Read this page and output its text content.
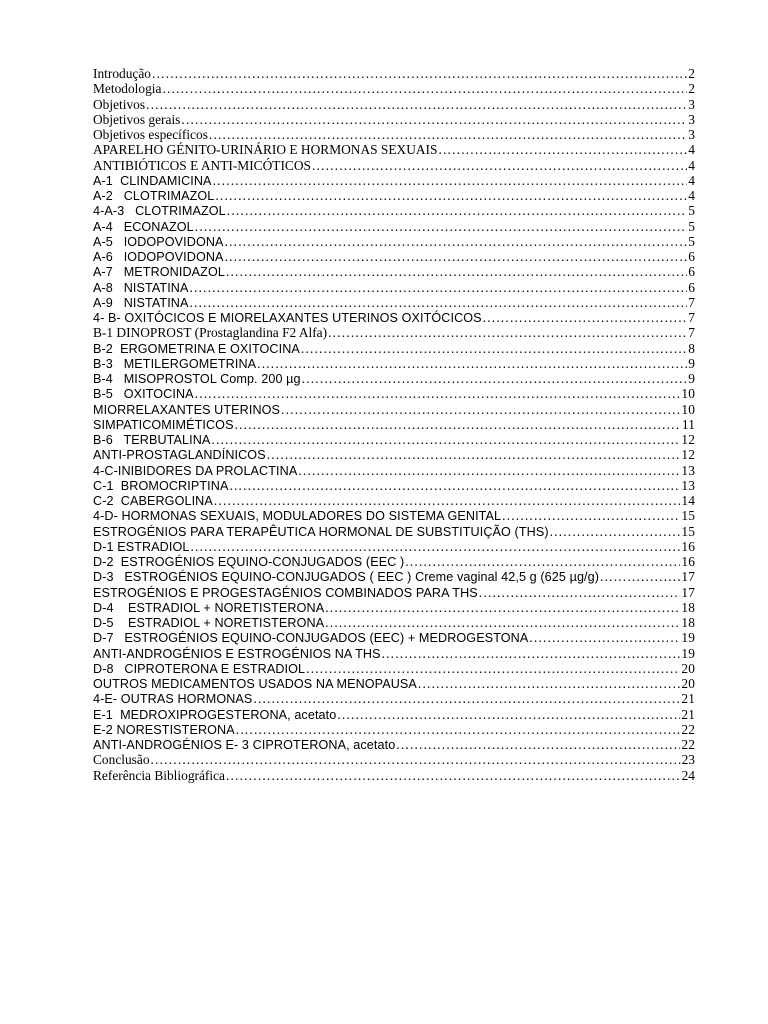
Introdução .....	2
Metodologia .....	2
Objetivos .....	3
Objetivos gerais .....	3
Objetivos específicos .....	3
APARELHO GÉNITO-URINÁRIO E HORMONAS SEXUAIS .....	4
ANTIBIÓTICOS E ANTI-MICÓTICOS .....	4
A-1  CLINDAMICINA .....	4
A-2   CLOTRIMAZOL .....	4
4-A-3   CLOTRIMAZOL .....	5
A-4   ECONAZOL .....	5
A-5   IODOPOVIDONA .....	5
A-6   IODOPOVIDONA .....	6
A-7   METRONIDAZOL .....	6
A-8   NISTATINA .....	6
A-9   NISTATINA .....	7
4- B- OXITÓCICOS E MIORELAXANTES UTERINOS OXITÓCICOS .....	7
B-1 DINOPROST (Prostaglandina F2 Alfa) .....	7
B-2  ERGOMETRINA E OXITOCINA .....	8
B-3   METILERGOMETRINA .....	9
B-4   MISOPROSTOL Comp. 200 µg .....	9
B-5   OXITOCINA .....	10
MIORRELAXANTES UTERINOS .....	10
SIMPATICOMIMÉTICOS .....	11
B-6   TERBUTALINA .....	12
ANTI-PROSTAGLANDÍNICOS .....	12
4-C-INIBIDORES DA PROLACTINA .....	13
C-1  BROMOCRIPTINA .....	13
C-2  CABERGOLINA .....	14
4-D- HORMONAS SEXUAIS, MODULADORES DO SISTEMA GENITAL .....	15
ESTROGÉNIOS PARA TERAPÊUTICA HORMONAL DE SUBSTITUIÇÃO (THS) .....	15
D-1 ESTRADIOL .....	16
D-2  ESTROGÉNIOS EQUINO-CONJUGADOS (EEC ) .....	16
D-3   ESTROGÉNIOS EQUINO-CONJUGADOS ( EEC ) Creme vaginal 42,5 g (625 µg/g) .....	17
ESTROGÉNIOS E PROGESTAGÉNIOS COMBINADOS PARA THS .....	17
D-4    ESTRADIOL + NORETISTERONA .....	18
D-5    ESTRADIOL + NORETISTERONA .....	18
D-7   ESTROGÉNIOS EQUINO-CONJUGADOS (EEC) + MEDROGESTONA .....	19
ANTI-ANDROGÉNIOS E ESTROGÉNIOS NA THS .....	19
D-8   CIPROTERONA E ESTRADIOL .....	20
OUTROS MEDICAMENTOS USADOS NA MENOPAUSA .....	20
4-E- OUTRAS HORMONAS .....	21
E-1  MEDROXIPROGESTERONA, acetato .....	21
E-2 NORESTISTERONA .....	22
ANTI-ANDROGÉNIOS E- 3 CIPROTERONA, acetato .....	22
Conclusão .....	23
Referência Bibliográfica .....	24
